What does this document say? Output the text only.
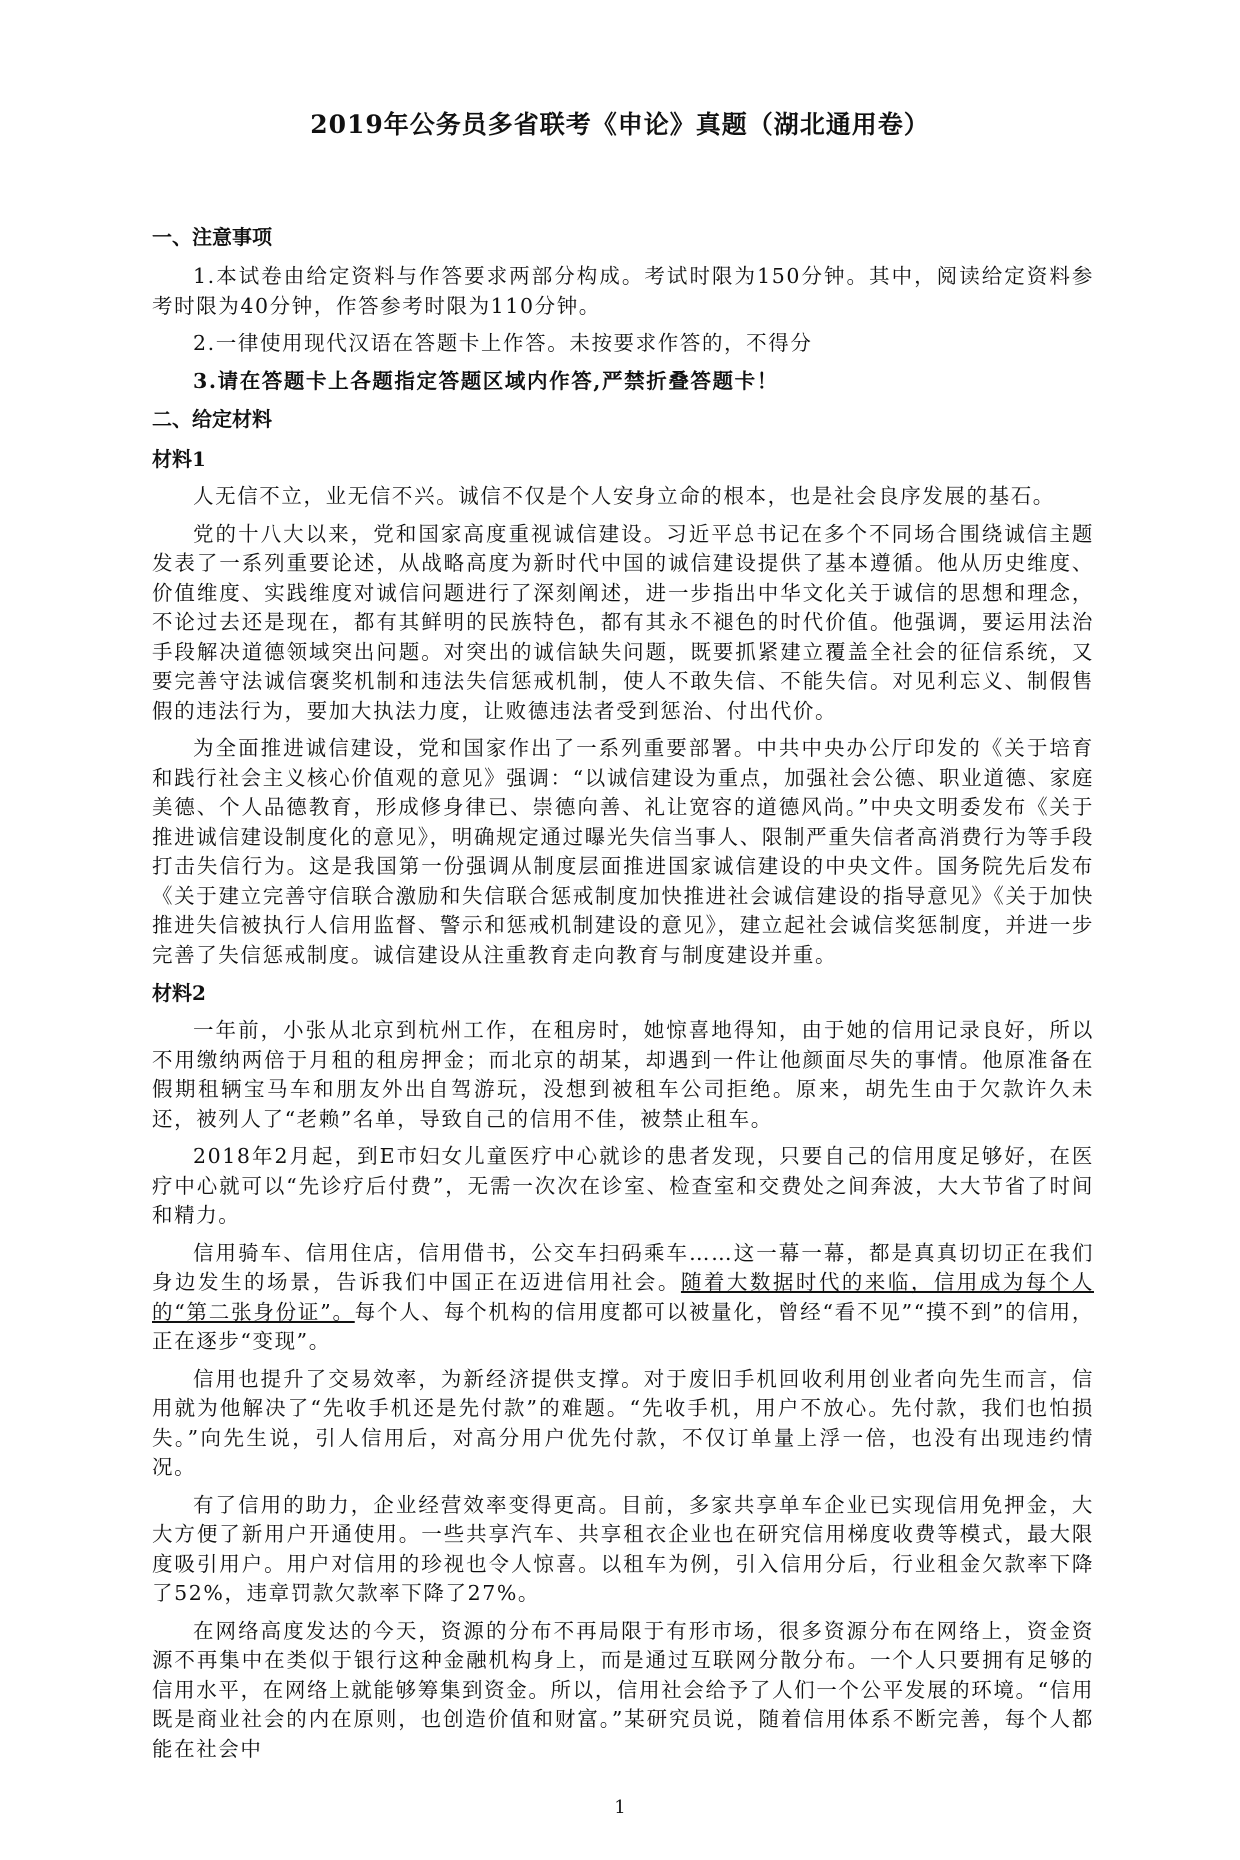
2019年公务员多省联考《申论》真题（湖北通用卷）
一、注意事项

1.本试卷由给定资料与作答要求两部分构成。考试时限为150分钟。其中，阅读给定资料参考时限为40分钟，作答参考时限为110分钟。

2.一律使用现代汉语在答题卡上作答。未按要求作答的，不得分

3.请在答题卡上各题指定答题区域内作答,严禁折叠答题卡！

二、给定材料
材料1

人无信不立，业无信不兴。诚信不仅是个人安身立命的根本，也是社会良序发展的基石。

党的十八大以来，党和国家高度重视诚信建设。习近平总书记在多个不同场合围绕诚信主题发表了一系列重要论述，从战略高度为新时代中国的诚信建设提供了基本遵循。他从历史维度、价值维度、实践维度对诚信问题进行了深刻阐述，进一步指出中华文化关于诚信的思想和理念，不论过去还是现在，都有其鲜明的民族特色，都有其永不褪色的时代价值。他强调，要运用法治手段解决道德领域突出问题。对突出的诚信缺失问题，既要抓紧建立覆盖全社会的征信系统，又要完善守法诚信褒奖机制和违法失信惩戒机制，使人不敢失信、不能失信。对见利忘义、制假售假的违法行为，要加大执法力度，让败德违法者受到惩治、付出代价。

为全面推进诚信建设，党和国家作出了一系列重要部署。中共中央办公厅印发的《关于培育和践行社会主义核心价值观的意见》强调：“以诚信建设为重点，加强社会公德、职业道德、家庭美德、个人品德教育，形成修身律已、崇德向善、礼让宽容的道德风尚。”中央文明委发布《关于推进诚信建设制度化的意见》，明确规定通过曝光失信当事人、限制严重失信者高消费行为等手段打击失信行为。这是我国第一份强调从制度层面推进国家诚信建设的中央文件。国务院先后发布《关于建立完善守信联合激励和失信联合惩戒制度加快推进社会诚信建设的指导意见》《关于加快推进失信被执行人信用监督、警示和惩戒机制建设的意见》，建立起社会诚信奖惩制度，并进一步完善了失信惩戒制度。诚信建设从注重教育走向教育与制度建设并重。

材料2

一年前，小张从北京到杭州工作，在租房时，她惊喜地得知，由于她的信用记录良好，所以不用缴纳两倍于月租的租房押金；而北京的胡某，却遇到一件让他颜面尽失的事情。他原准备在假期租辆宝马车和朋友外出自驾游玩，没想到被租车公司拒绝。原来，胡先生由于欠款许久未还，被列人了“老赖”名单，导致自己的信用不佳，被禁止租车。

2018年2月起，到E市妇女儿童医疗中心就诊的患者发现，只要自己的信用度足够好，在医疗中心就可以“先诊疗后付费”，无需一次次在诊室、检查室和交费处之间奔波，大大节省了时间和精力。

信用骑车、信用住店，信用借书，公交车扫码乘车……这一幕一幕，都是真真切切正在我们身边发生的场景，告诉我们中国正在迈进信用社会。随着大数据时代的来临，信用成为每个人的“第二张身份证”。每个人、每个机构的信用度都可以被量化，曾经“看不见”“摸不到”的信用，正在逐步“变现”。

信用也提升了交易效率，为新经济提供支撑。对于废旧手机回收利用创业者向先生而言，信用就为他解决了“先收手机还是先付款”的难题。“先收手机，用户不放心。先付款，我们也怕损失。”向先生说，引人信用后，对高分用户优先付款，不仅订单量上浮一倍，也没有出现违约情况。

有了信用的助力，企业经营效率变得更高。目前，多家共享单车企业已实现信用免押金，大大方便了新用户开通使用。一些共享汽车、共享租衣企业也在研究信用梯度收费等模式，最大限度吸引用户。用户对信用的珍视也令人惊喜。以租车为例，引入信用分后，行业租金欠款率下降了52%，违章罚款欠款率下降了27%。

在网络高度发达的今天，资源的分布不再局限于有形市场，很多资源分布在网络上，资金资源不再集中在类似于银行这种金融机构身上，而是通过互联网分散分布。一个人只要拥有足够的信用水平，在网络上就能够筹集到资金。所以，信用社会给予了人们一个公平发展的环境。“信用既是商业社会的内在原则，也创造价值和财富。”某研究员说，随着信用体系不断完善，每个人都能在社会中

1
